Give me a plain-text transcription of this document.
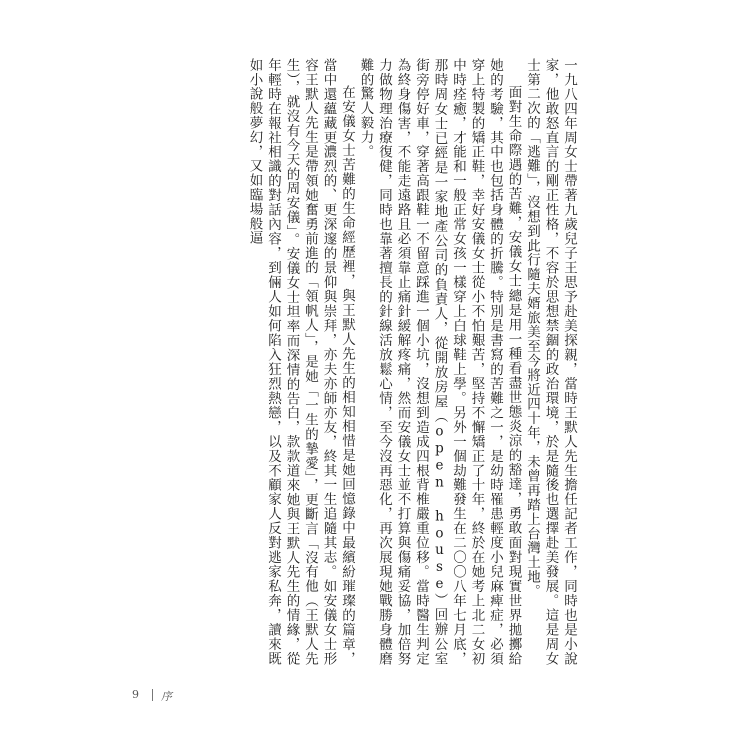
一九八四年周女士帶著九歲兒子王思予赴美探親，當時王默人先生擔任記者工作，同時也是小說家，他敢怒直言的剛正性格，不容於思想禁錮的政治環境，於是隨後也選擇赴美發展。這是周女士第二次的「逃難」，沒想到此行隨夫婿旅美至今將近四十年，未曾再踏上台灣土地。

面對生命際遇的苦難，安儀女士總是用一種看盡世態炎涼的豁達，勇敢面對現實世界拋擲給她的考驗，其中也包括身體的折騰。特別是書寫的苦難之一，是幼時罹患輕度小兒麻痺症，必須穿上特製的矯正鞋，幸好安儀女士從小不怕艱苦，堅持不懈矯正了十年，終於在她考上北二女初中時痊癒，才能和一般正常女孩一樣穿上白球鞋上學。另外一個劫難發生在二〇〇八年七月底，那時周女士已經是一家地產公司的負責人，從開放房屋（open house）回辦公室街旁停好車，穿著高跟鞋一不留意踩進一個小坑，沒想到造成四根背椎嚴重位移。當時醫生判定為終身傷害，不能走遠路且必須靠止痛針緩解疼痛，然而安儀女士並不打算與傷痛妥協，加倍努力做物理治療復健，同時也靠著擅長的針線活放鬆心情，至今沒再惡化，再次展現她戰勝身體磨難的驚人毅力。

在安儀女士苦難的生命經歷裡，與王默人先生的相知相惜是她回憶錄中最繽紛璀璨的篇章，當中還蘊藏更濃烈的、更深邃的景仰與崇拜，亦夫亦師亦友，終其一生追隨其志。如安儀女士形容王默人先生是帶領她奮勇前進的「領帆人」，是她「一生的摯愛」，更斷言「沒有他（王默人先生），就沒有今天的周安儀」。安儀女士坦率而深情的告白，款款道來她與王默人先生的情緣，從年輕時在報社相識的對話內容，到倆人如何陷入狂烈熱戀，以及不顧家人反對逃家私奔，讀來既如小說般夢幻，又如臨場般逼

9 序
